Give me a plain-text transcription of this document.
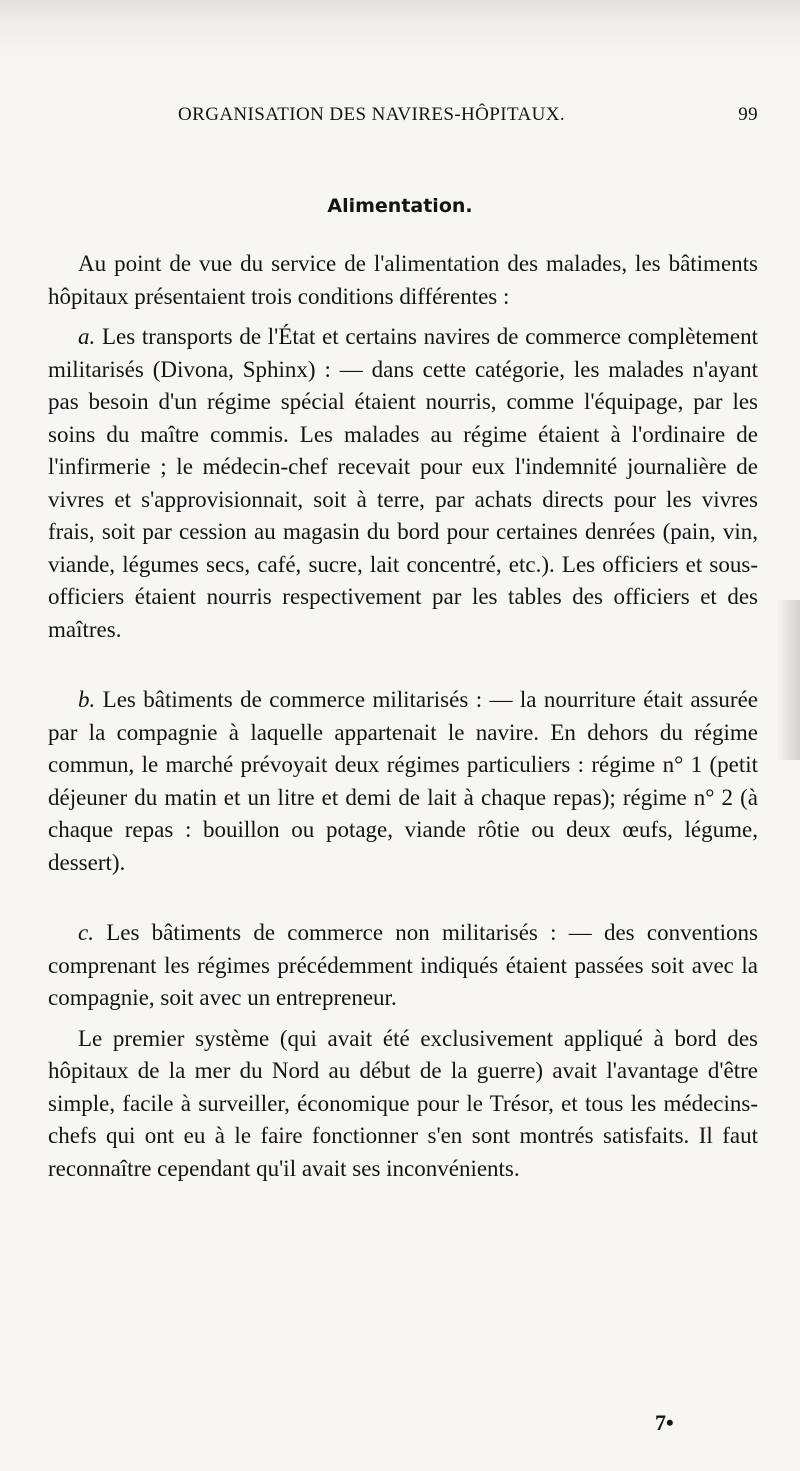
ORGANISATION DES NAVIRES-HÔPITAUX.	99
Alimentation.

Au point de vue du service de l'alimentation des malades, les bâtiments hôpitaux présentaient trois conditions différentes :

a. Les transports de l'État et certains navires de commerce complètement militarisés (Divona, Sphinx) : — dans cette catégorie, les malades n'ayant pas besoin d'un régime spécial étaient nourris, comme l'équipage, par les soins du maître commis. Les malades au régime étaient à l'ordinaire de l'infirmerie ; le médecin-chef recevait pour eux l'indemnité journalière de vivres et s'approvisionnait, soit à terre, par achats directs pour les vivres frais, soit par cession au magasin du bord pour certaines denrées (pain, vin, viande, légumes secs, café, sucre, lait concentré, etc.). Les officiers et sous-officiers étaient nourris respectivement par les tables des officiers et des maîtres.

b. Les bâtiments de commerce militarisés : — la nourriture était assurée par la compagnie à laquelle appartenait le navire. En dehors du régime commun, le marché prévoyait deux régimes particuliers : régime n° 1 (petit déjeuner du matin et un litre et demi de lait à chaque repas); régime n° 2 (à chaque repas : bouillon ou potage, viande rôtie ou deux œufs, légume, dessert).

c. Les bâtiments de commerce non militarisés : — des conventions comprenant les régimes précédemment indiqués étaient passées soit avec la compagnie, soit avec un entrepreneur.

Le premier système (qui avait été exclusivement appliqué à bord des hôpitaux de la mer du Nord au début de la guerre) avait l'avantage d'être simple, facile à surveiller, économique pour le Trésor, et tous les médecins-chefs qui ont eu à le faire fonctionner s'en sont montrés satisfaits. Il faut reconnaître cependant qu'il avait ses inconvénients.

7•
